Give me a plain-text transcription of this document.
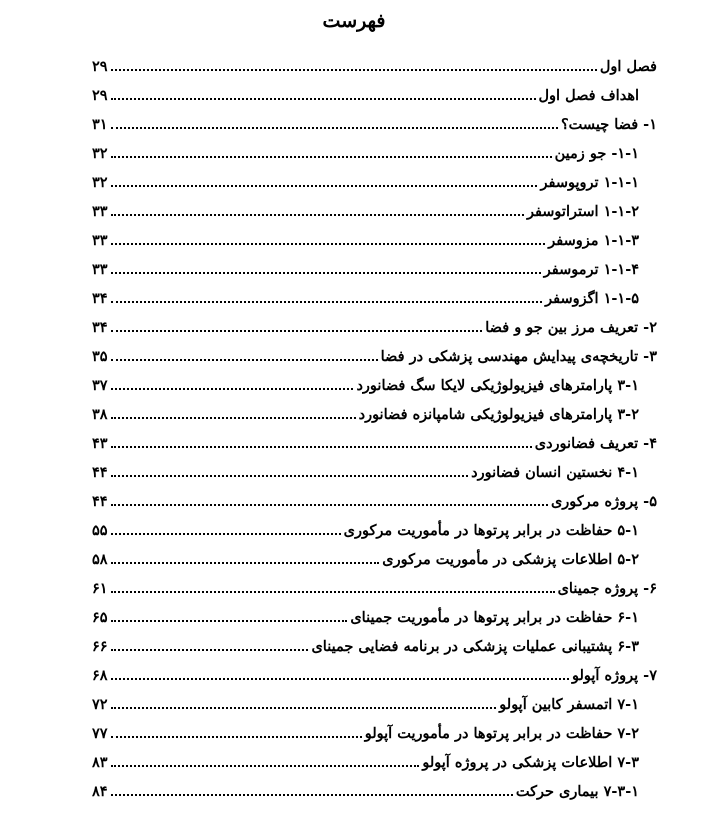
فهرست
فصل اول
۲۹
اهداف فصل اول
۲۹
۱- فضا چیست؟
۳۱
۱-۱- جو زمین
۳۲
۱-۱-۱ تروپوسفر
۳۲
۱-۱-۲ استراتوسفر
۳۳
۱-۱-۳ مزوسفر
۳۳
۱-۱-۴ ترموسفر
۳۳
۱-۱-۵ اگزوسفر
۳۴
۲- تعریف مرز بین جو و فضا
۳۴
۳- تاریخچه‌ی پیدایش مهندسی پزشکی در فضا
۳۵
۳-۱ پارامترهای فیزیولوژیکی لایکا سگ فضانورد
۳۷
۳-۲ پارامترهای فیزیولوژیکی شامپانزه فضانورد
۳۸
۴- تعریف فضانوردی
۴۳
۴-۱ نخستین انسان فضانورد
۴۴
۵- پروژه مرکوری
۴۴
۵-۱ حفاظت در برابر پرتوها در مأموریت مرکوری
۵۵
۵-۲ اطلاعات پزشکی در مأموریت مرکوری
۵۸
۶- پروژه جمینای
۶۱
۶-۱ حفاظت در برابر پرتوها در مأموریت جمینای
۶۵
۶-۳ پشتیبانی عملیات پزشکی در برنامه فضایی جمینای
۶۶
۷- پروژه آپولو
۶۸
۷-۱ اتمسفر کابین آپولو
۷۲
۷-۲ حفاظت در برابر پرتوها در مأموریت آپولو
۷۷
۷-۳ اطلاعات پزشکی در پروژه آپولو
۸۳
۷-۳-۱ بیماری حرکت
۸۴
